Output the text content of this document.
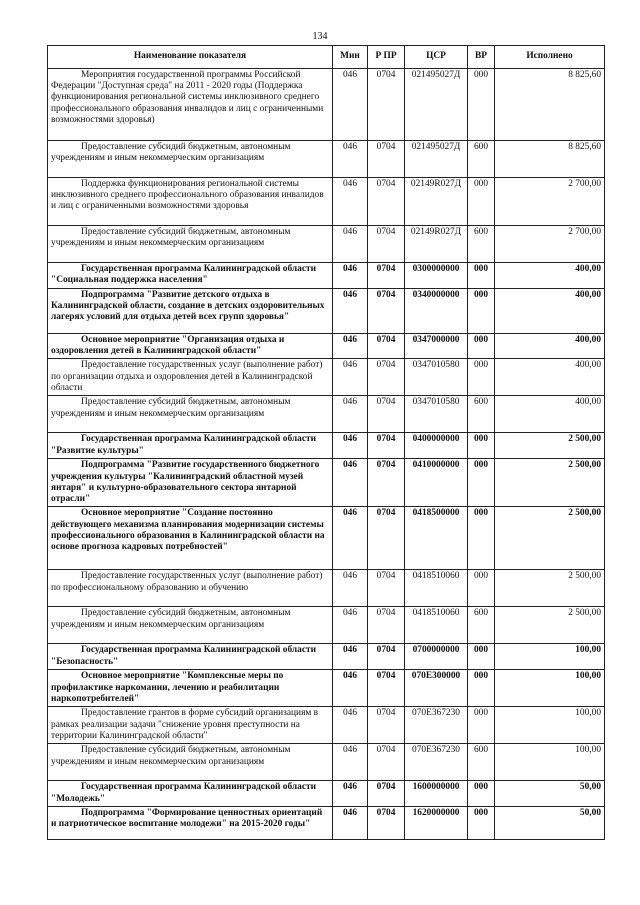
134
Наименование показателя	Мин	Р ПР	ЦСР	ВР	Исполнено
Мероприятия государственной программы Российской Федерации "Доступная среда" на 2011 - 2020 годы (Поддержка функционирования региональной системы инклюзивного среднего профессионального образования инвалидов и лиц с ограниченными возможностями здоровья)	046	0704	021495027Д	000	8 825,60
Предоставление субсидий бюджетным, автономным учреждениям и иным некоммерческим организациям	046	0704	021495027Д	600	8 825,60
Поддержка функционирования региональной системы инклюзивного среднего профессионального образования инвалидов и лиц с ограниченными возможностями здоровья	046	0704	02149R027Д	000	2 700,00
Предоставление субсидий бюджетным, автономным учреждениям и иным некоммерческим организациям	046	0704	02149R027Д	600	2 700,00
Государственная программа Калининградской области "Социальная поддержка населения"	046	0704	0300000000	000	400,00
Подпрограмма "Развитие детского отдыха в Калининградской области, создание в детских оздоровительных лагерях условий для отдыха детей всех групп здоровья"	046	0704	0340000000	000	400,00
Основное мероприятие "Организация отдыха и оздоровления детей в Калининградской области"	046	0704	0347000000	000	400,00
Предоставление государственных услуг (выполнение работ) по организации отдыха и оздоровления детей в Калининградской области	046	0704	0347010580	000	400,00
Предоставление субсидий бюджетным, автономным учреждениям и иным некоммерческим организациям	046	0704	0347010580	600	400,00
Государственная программа Калининградской области "Развитие культуры"	046	0704	0400000000	000	2 500,00
Подпрограмма "Развитие государственного бюджетного учреждения культуры "Калининградский областной музей янтаря" и культурно-образовательного сектора янтарной отрасли"	046	0704	0410000000	000	2 500,00
Основное мероприятие "Создание постоянно действующего механизма планирования модернизации системы профессионального образования в Калининградской области на основе прогноза кадровых потребностей"	046	0704	0418500000	000	2 500,00
Предоставление государственных услуг (выполнение работ) по профессиональному образованию и обучению	046	0704	0418510060	000	2 500,00
Предоставление субсидий бюджетным, автономным учреждениям и иным некоммерческим организациям	046	0704	0418510060	600	2 500,00
Государственная программа Калининградской области "Безопасность"	046	0704	0700000000	000	100,00
Основное мероприятие "Комплексные меры по профилактике наркомании, лечению и реабилитации наркопотребителей"	046	0704	070E300000	000	100,00
Предоставление грантов в форме субсидий организациям в рамках реализации задачи "снижение уровня преступности на территории Калининградской области"	046	0704	070E367230	000	100,00
Предоставление субсидий бюджетным, автономным учреждениям и иным некоммерческим организациям	046	0704	070E367230	600	100,00
Государственная программа Калининградской области "Молодежь"	046	0704	1600000000	000	50,00
Подпрограмма "Формирование ценностных ориентаций и патриотическое воспитание молодежи" на 2015-2020 годы"	046	0704	1620000000	000	50,00
